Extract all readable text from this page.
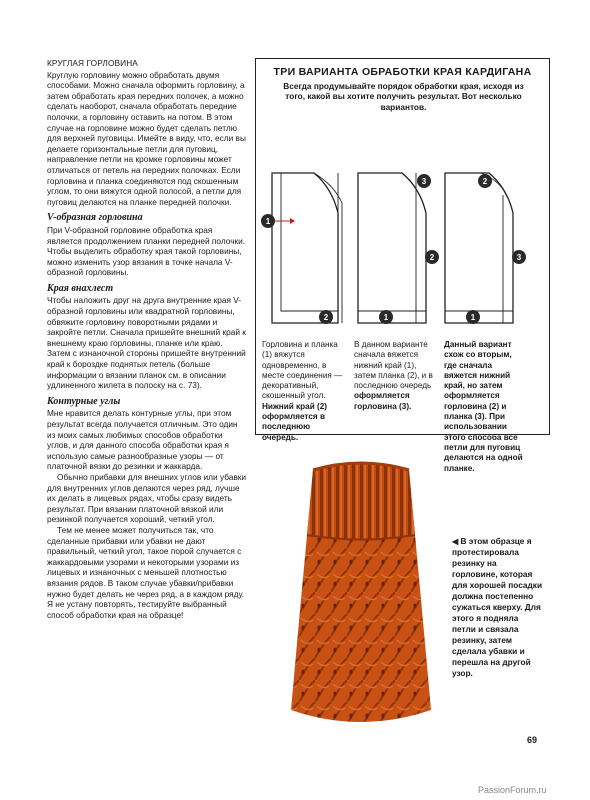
КРУГЛАЯ ГОРЛОВИНА

Круглую горловину можно обработать двумя способами. Можно сначала оформить горловину, а затем обработать края передних полочек, а можно сделать наоборот, сначала обработать передние полочки, а горловину оставить на потом. В этом случае на горловине можно будет сделать петлю для верхней пуговицы. Имейте в виду, что, если вы делаете горизонтальные петли для пуговиц, направление петли на кромке горловины может отличаться от петель на передних полочках. Если горловина и планка соединяются под скошенным углом, то они вяжутся одной полосой, а петли для пуговиц делаются на планке передней полочки.

V-образная горловина

При V-образной горловине обработка края является продолжением планки передней полочки. Чтобы выделить обработку края такой горловины, можно изменить узор вязания в точке начала V-образной горловины.

Края внахлест

Чтобы наложить друг на друга внутренние края V-образной горловины или квадратной горловины, обвяжите горловину поворотными рядами и закройте петли. Сначала пришейте внешний край к внешнему краю горловины, планке или краю. Затем с изнаночной стороны пришейте внутренний край к бороздке поднятых петель (больше информации о вязании планок см. в описании удлиненного жилета в полоску на с. 73).

Контурные углы

Мне нравится делать контурные углы, при этом результат всегда получается отличным. Это один из моих самых любимых способов обработки углов, и для данного способа обработки края я использую самые разнообразные узоры — от платочной вязки до резинки и жаккарда.

Обычно прибавки для внешних углов или убавки для внутренних углов делаются через ряд, лучше их делать в лицевых рядах, чтобы сразу видеть результат. При вязании платочной вязкой или резинкой получается хороший, четкий угол.

Тем не менее может получиться так, что сделанные прибавки или убавки не дают правильный, четкий угол, такое порой случается с жаккардовыми узорами и некоторыми узорами из лицевых и изнаночных с меньшей плотностью вязания рядов. В таком случае убавки/прибавки нужно будет делать не через ряд, а в каждом ряду. Я не устану повторять, тестируйте выбранный способ обработки края на образце!

ТРИ ВАРИАНТА ОБРАБОТКИ КРАЯ КАРДИГАНА
Всегда продумывайте порядок обработки края, исходя из того, какой вы хотите получить результат. Вот несколько вариантов.
1
2
3
2
1
2
3
1
Горловина и планка (1) вяжутся одновременно, в месте соединения — декоративный, скошенный угол. Нижний край (2) оформляется в последнюю очередь.
В данном варианте сначала вяжется нижний край (1), затем планка (2), и в последнюю очередь оформляется горловина (3).
Данный вариант схож со вторым, где сначала вяжется нижний край, но затем оформляется горловина (2) и планка (3). При использовании этого способа все петли для пуговиц делаются на одной планке.
◀ В этом образце я протестировала резинку на горловине, которая для хорошей посадки должна постепенно сужаться кверху. Для этого я подняла петли и связала резинку, затем сделала убавки и перешла на другой узор.
69
PassionForum.ru
